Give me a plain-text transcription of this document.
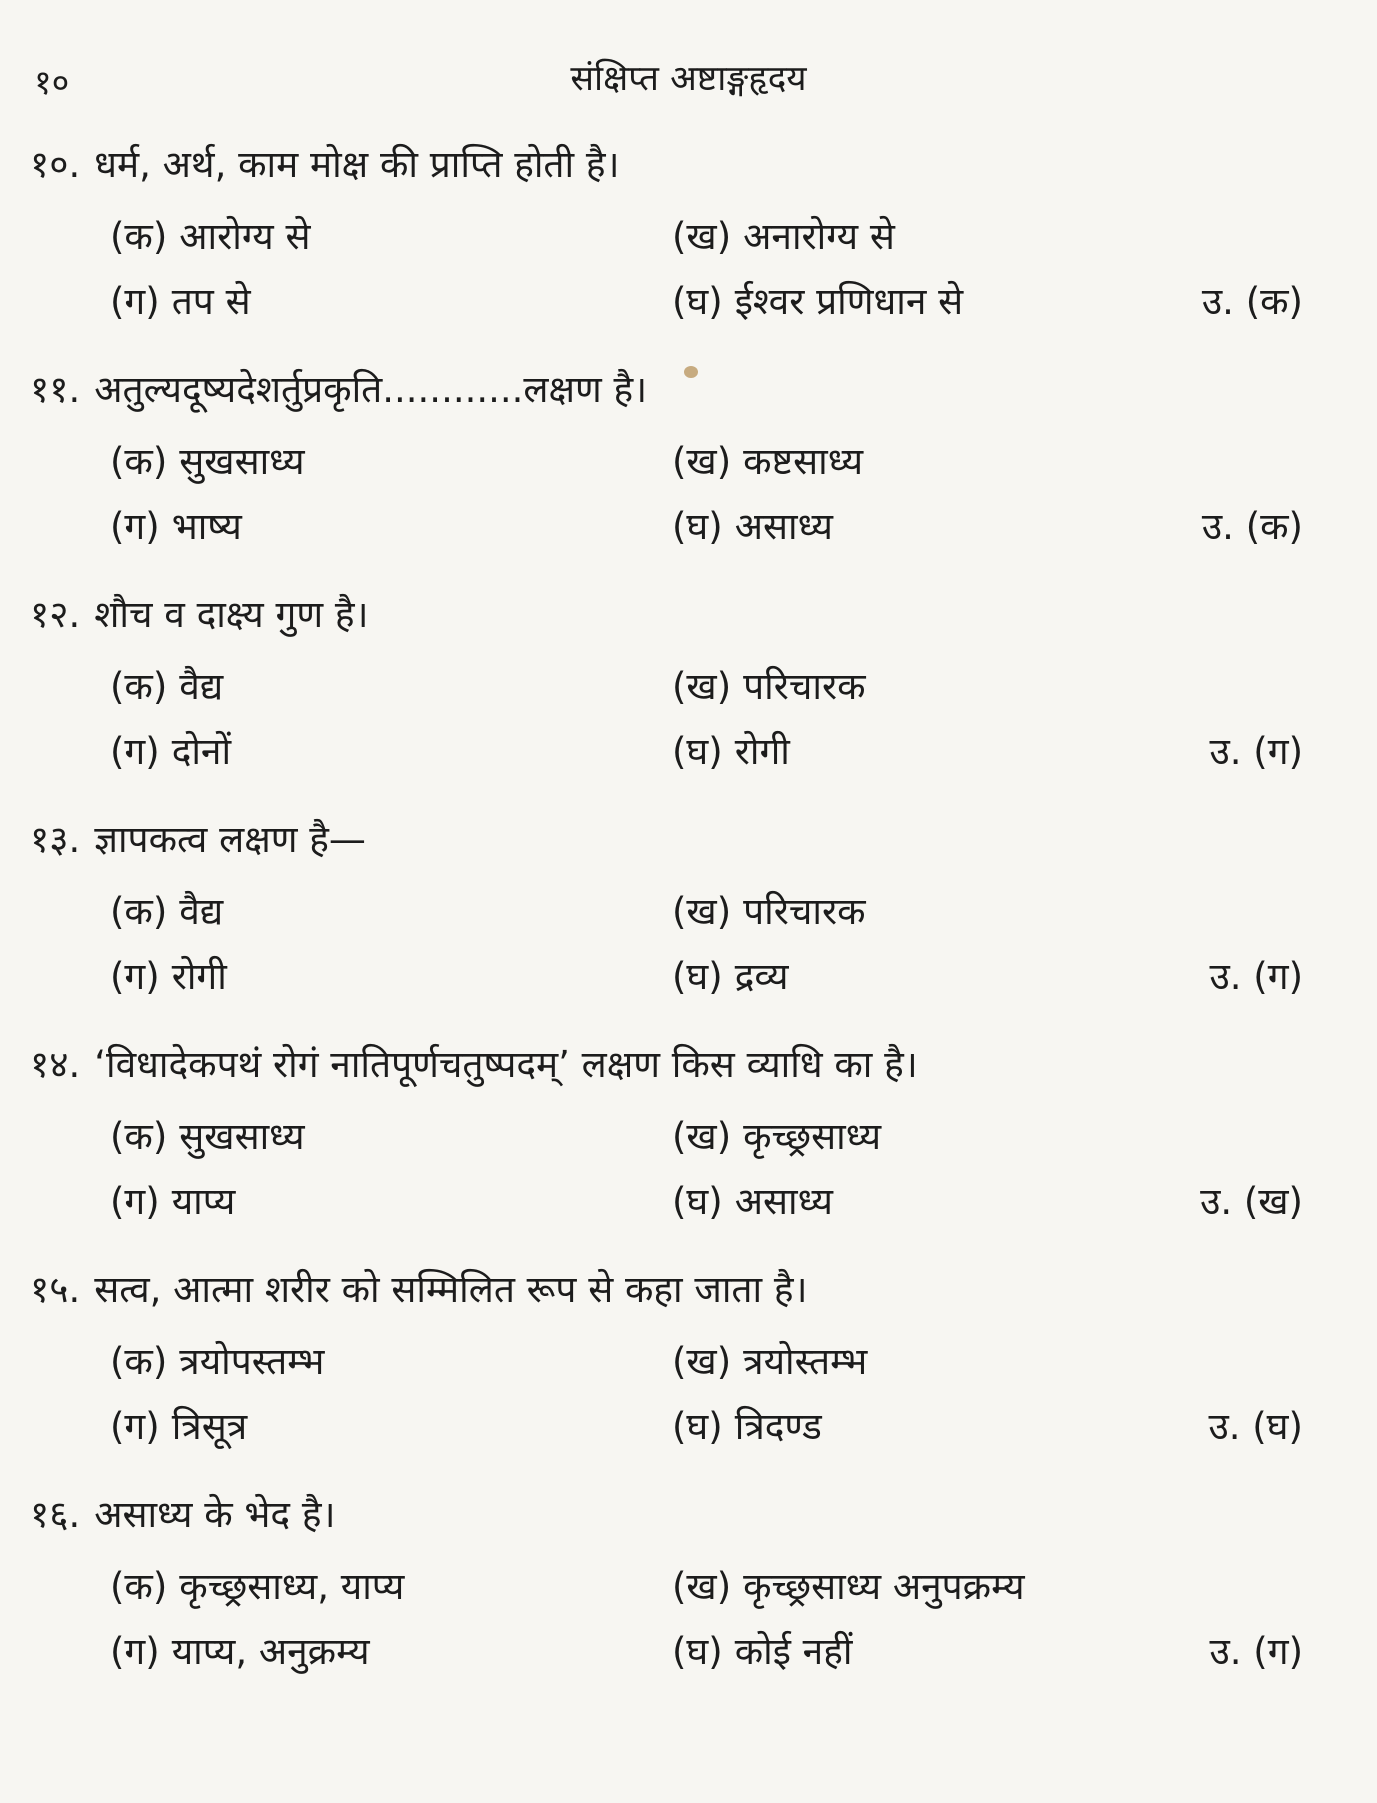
१०	संक्षिप्त अष्टाङ्गहृदय
१०. धर्म, अर्थ, काम मोक्ष की प्राप्ति होती है।
(क) आरोग्य से	(ख) अनारोग्य से
(ग) तप से	(घ) ईश्वर प्रणिधान से	उ. (क)
११. अतुल्यदूष्यदेशर्तुप्रकृति............लक्षण है।
(क) सुखसाध्य	(ख) कष्टसाध्य
(ग) भाष्य	(घ) असाध्य	उ. (क)
१२. शौच व दाक्ष्य गुण है।
(क) वैद्य	(ख) परिचारक
(ग) दोनों	(घ) रोगी	उ. (ग)
१३. ज्ञापकत्व लक्षण है—
(क) वैद्य	(ख) परिचारक
(ग) रोगी	(घ) द्रव्य	उ. (ग)
१४. ‘विधादेकपथं रोगं नातिपूर्णचतुष्पदम्’ लक्षण किस व्याधि का है।
(क) सुखसाध्य	(ख) कृच्छ्रसाध्य
(ग) याप्य	(घ) असाध्य	उ. (ख)
१५. सत्व, आत्मा शरीर को सम्मिलित रूप से कहा जाता है।
(क) त्रयोपस्तम्भ	(ख) त्रयोस्तम्भ
(ग) त्रिसूत्र	(घ) त्रिदण्ड	उ. (घ)
१६. असाध्य के भेद है।
(क) कृच्छ्रसाध्य, याप्य	(ख) कृच्छ्रसाध्य अनुपक्रम्य
(ग) याप्य, अनुक्रम्य	(घ) कोई नहीं	उ. (ग)
